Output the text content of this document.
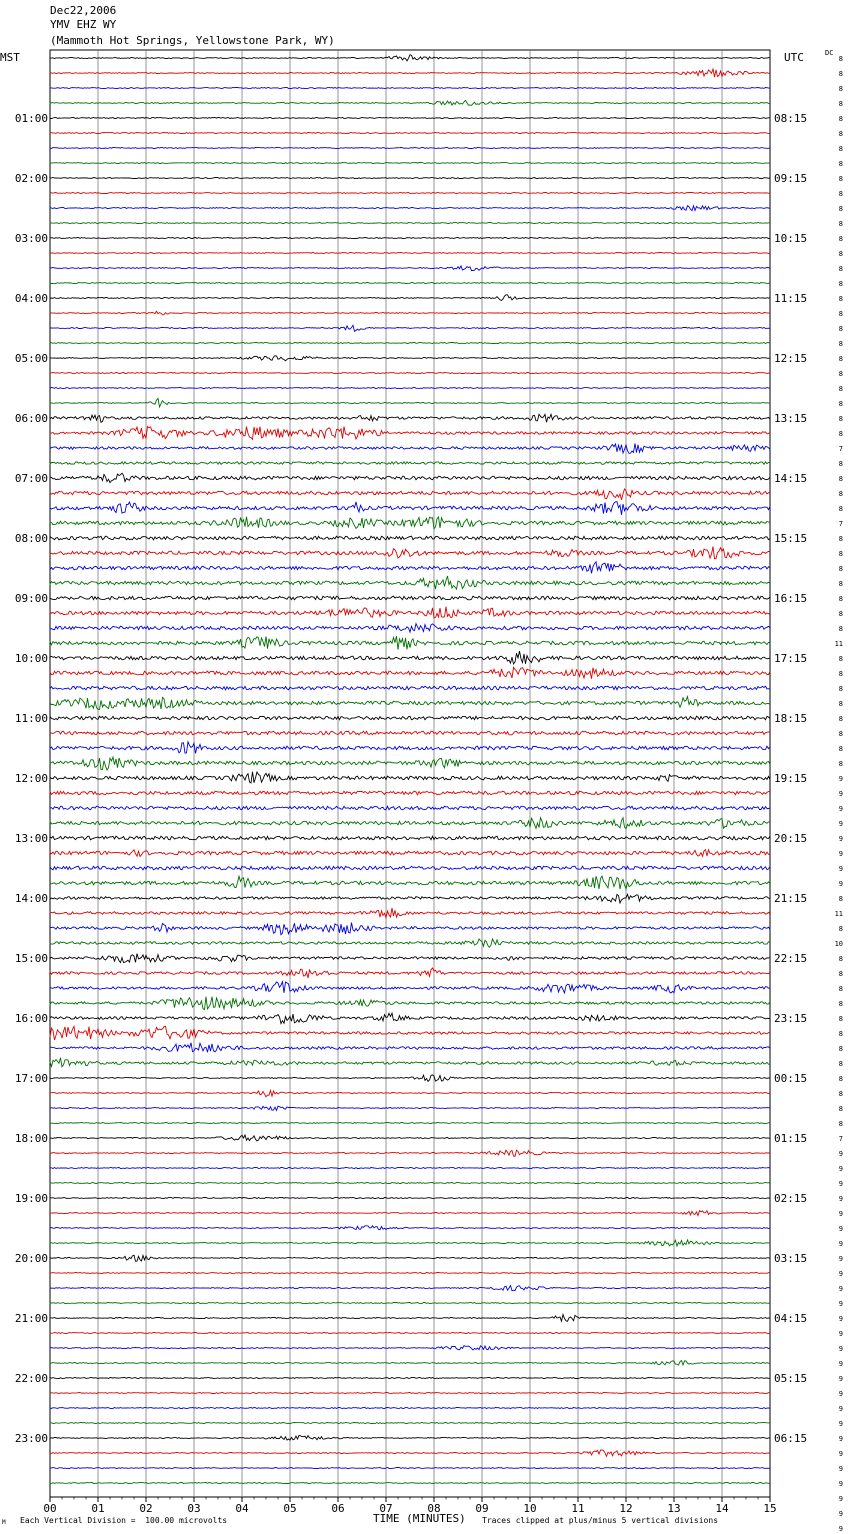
Dec22,2006
YMV EHZ WY
(Mammoth Hot Springs, Yellowstone Park, WY)
MST	UTC	DC
00	01	02	03	04	05	06	07	08	09	10	11	12	13	14	15
01:00
02:00
03:00
04:00
05:00
06:00
07:00
08:00
09:00
10:00
11:00
12:00
13:00
14:00
15:00
16:00
17:00
18:00
19:00
20:00
21:00
22:00
23:00
08:15
09:15
10:15
11:15
12:15
13:15
14:15
15:15
16:15
17:15
18:15
19:15
20:15
21:15
22:15
23:15
00:15
01:15
02:15
03:15
04:15
05:15
06:15
8
8
8
8
8
8
8
8
8
8
8
8
8
8
8
8
8
8
8
8
8
8
8
8
8
8
7
8
8
8
8
7
8
8
8
8
8
8
8
11
8
8
8
8
8
8
8
8
9
9
9
9
9
9
9
9
8
11
8
10
8
8
8
8
8
8
8
8
8
8
8
8
7
9
9
9
9
9
9
9
9
9
9
9
9
9
9
9
9
9
9
9
9
9
9
9
9
9
9
TIME (MINUTES)
Each Vertical Division =  100.00 microvolts	Traces clipped at plus/minus 5 vertical divisions
M
